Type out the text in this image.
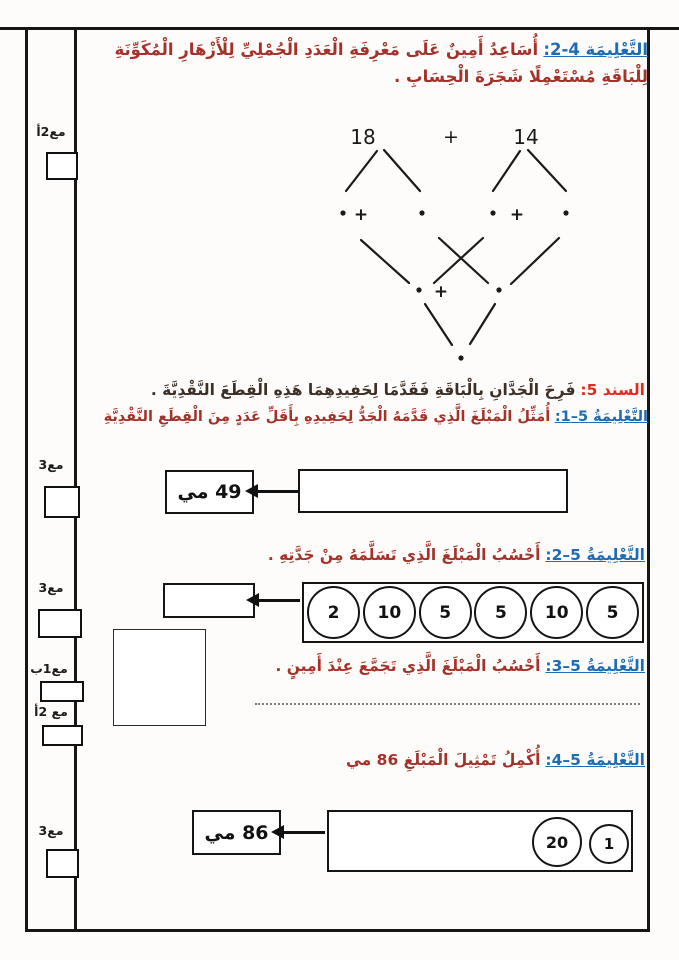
مع2أ
مع3
مع3
مع1ب
مع 2أ
مع3

التَّعْلِيمَة 4-2: أُسَاعِدُ أَمِينٌ عَلَى مَعْرِفَةِ الْعَدَدِ الْجُمْلِيِّ لِلْأَزْهَارِ الْمُكَوِّنَةِ لِلْبَاقَةِ مُسْتَعْمِلًا شَجَرَةَ الْحِسَابِ .

18	+	14
+	+
+

السند 5: فَرِحَ الْجَدَّانِ بِالْبَاقَةِ فَقَدَّمَا لِحَفِيدِهِمَا هَذِهِ الْقِطَعَ النَّقْدِيَّةَ .

التَّعْلِيمَةُ 5–1: أُمَثِّلُ الْمَبْلَغَ الَّذِي قَدَّمَهُ الْجَدُّ لِحَفِيدِهِ بِأَقَلِّ عَدَدٍ مِنَ الْقِطَعِ النَّقْدِيَّةِ

49 مي

التَّعْلِيمَةُ 5–2: أَحْسُبُ الْمَبْلَغَ الَّذِي تَسَلَّمَهُ مِنْ جَدَّتِهِ .

5
10
5
5
10
2

التَّعْلِيمَةُ 5–3: أَحْسُبُ الْمَبْلَغَ الَّذِي تَجَمَّعَ عِنْدَ أَمِينٍ .

التَّعْلِيمَةُ 5–4: أُكْمِلُ تَمْثِيلَ الْمَبْلَغِ 86 مي

86 مي	20	1
